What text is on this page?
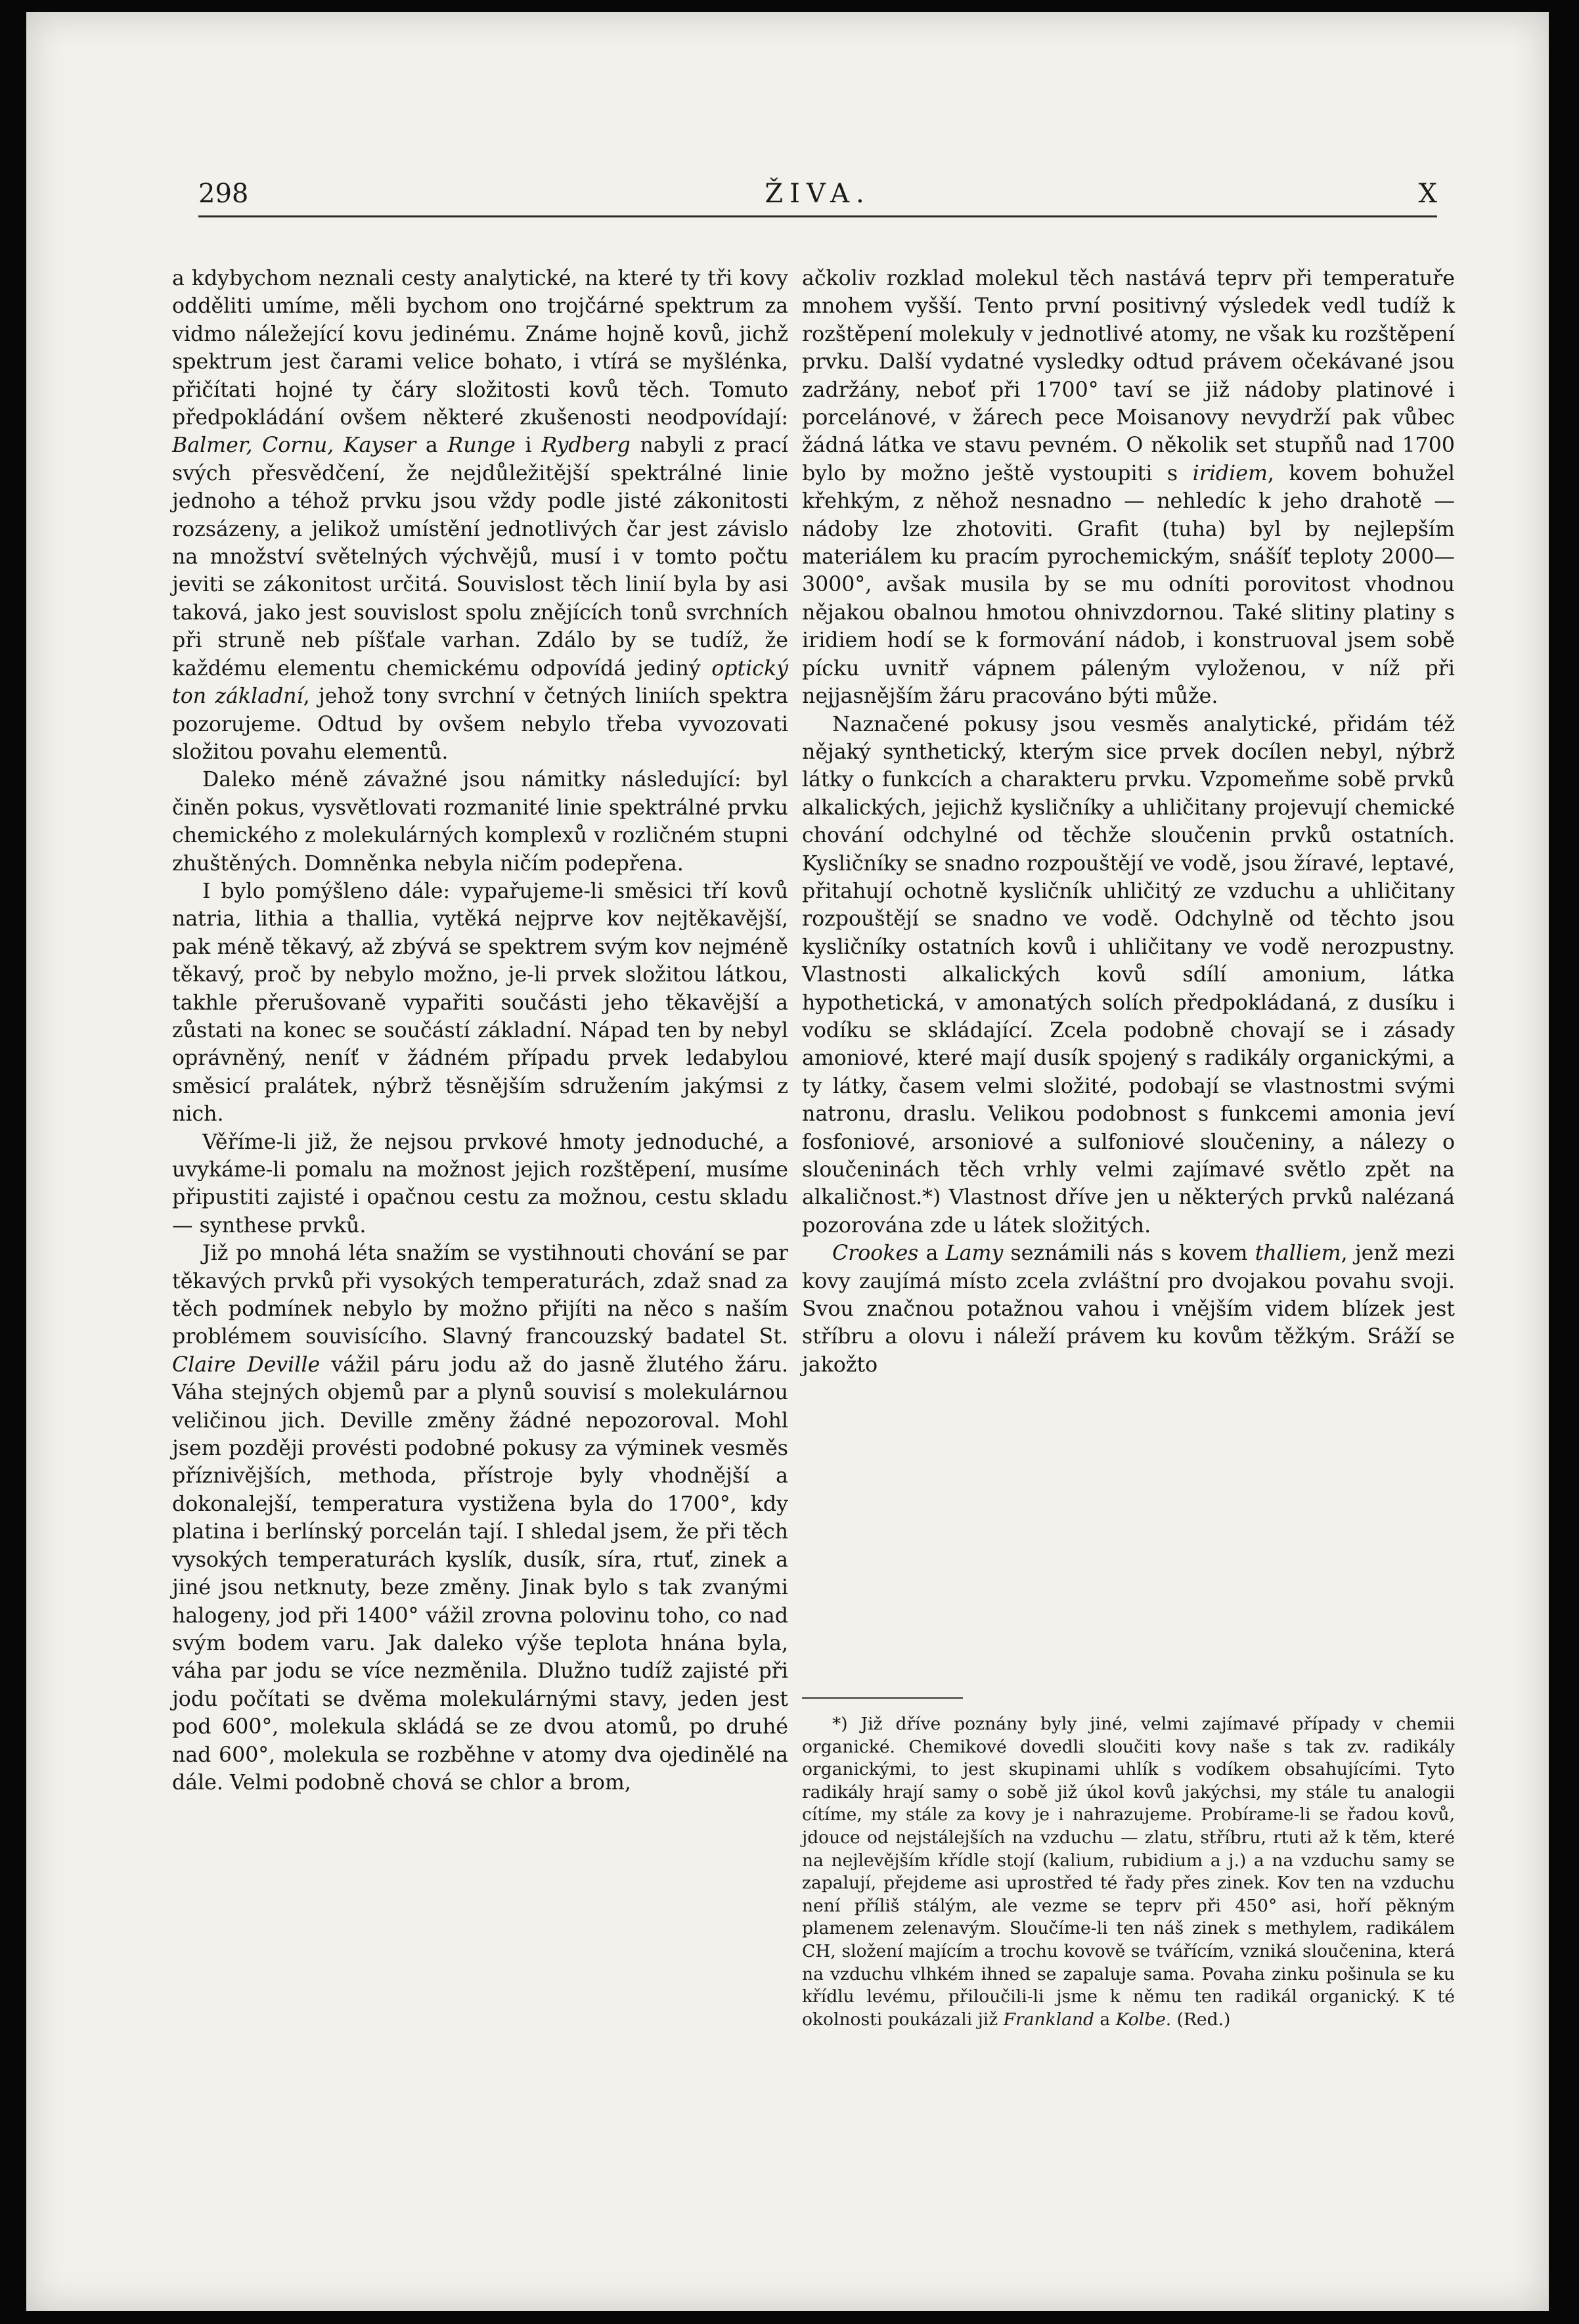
298	ŽIVA.	X

a kdybychom neznali cesty analytické, na které ty tři kovy odděliti umíme, měli bychom ono trojčárné spektrum za vidmo náležející kovu jedinému. Známe hojně kovů, jichž spektrum jest čarami velice bohato, i vtírá se myšlénka, přičítati hojné ty čáry složitosti kovů těch. Tomuto předpokládání ovšem některé zkušenosti neodpovídají: Balmer, Cornu, Kayser a Runge i Rydberg nabyli z prací svých přesvědčení, že nejdůležitější spektrálné linie jednoho a téhož prvku jsou vždy podle jisté zákonitosti rozsázeny, a jelikož umístění jednotlivých čar jest závislo na množství světelných výchvějů, musí i v tomto počtu jeviti se zákonitost určitá. Souvislost těch linií byla by asi taková, jako jest souvislost spolu znějících tonů svrchních při struně neb píšťale varhan. Zdálo by se tudíž, že každému elementu chemickému odpovídá jediný optický ton základní, jehož tony svrchní v četných liniích spektra pozorujeme. Odtud by ovšem nebylo třeba vyvozovati složitou povahu elementů.

Daleko méně závažné jsou námitky následující: byl činěn pokus, vysvětlovati rozmanité linie spektrálné prvku chemického z molekulárných komplexů v rozličném stupni zhuštěných. Domněnka nebyla ničím podepřena.

I bylo pomýšleno dále: vypařujeme-li směsici tří kovů natria, lithia a thallia, vytěká nejprve kov nejtěkavější, pak méně těkavý, až zbývá se spektrem svým kov nejméně těkavý, proč by nebylo možno, je-li prvek složitou látkou, takhle přerušovaně vypařiti součásti jeho těkavější a zůstati na konec se součástí základní. Nápad ten by nebyl oprávněný, neníť v žádném případu prvek ledabylou směsicí pralátek, nýbrž těsnějším sdružením jakýmsi z nich.

Věříme-li již, že nejsou prvkové hmoty jednoduché, a uvykáme-li pomalu na možnost jejich rozštěpení, musíme připustiti zajisté i opačnou cestu za možnou, cestu skladu — synthese prvků.

Již po mnohá léta snažím se vystihnouti chování se par těkavých prvků při vysokých temperaturách, zdaž snad za těch podmínek nebylo by možno přijíti na něco s naším problémem souvisícího. Slavný francouzský badatel St. Claire Deville vážil páru jodu až do jasně žlutého žáru. Váha stejných objemů par a plynů souvisí s molekulárnou veličinou jich. Deville změny žádné nepozoroval. Mohl jsem později provésti podobné pokusy za výminek vesměs příznivějších, methoda, přístroje byly vhodnější a dokonalejší, temperatura vystižena byla do 1700°, kdy platina i berlínský porcelán tají. I shledal jsem, že při těch vysokých temperaturách kyslík, dusík, síra, rtuť, zinek a jiné jsou netknuty, beze změny. Jinak bylo s tak zvanými halogeny, jod při 1400° vážil zrovna polovinu toho, co nad svým bodem varu. Jak daleko výše teplota hnána byla, váha par jodu se více nezměnila. Dlužno tudíž zajisté při jodu počítati se dvěma molekulárnými stavy, jeden jest pod 600°, molekula skládá se ze dvou atomů, po druhé nad 600°, molekula se rozběhne v atomy dva ojedinělé na dále. Velmi podobně chová se chlor a brom,

ačkoliv rozklad molekul těch nastává teprv při temperatuře mnohem vyšší. Tento první positivný výsledek vedl tudíž k rozštěpení molekuly v jednotlivé atomy, ne však ku rozštěpení prvku. Další vydatné vysledky odtud právem očekávané jsou zadržány, neboť při 1700° taví se již nádoby platinové i porcelánové, v žárech pece Moisanovy nevydrží pak vůbec žádná látka ve stavu pevném. O několik set stupňů nad 1700 bylo by možno ještě vystoupiti s iridiem, kovem bohužel křehkým, z něhož nesnadno — nehledíc k jeho drahotě — nádoby lze zhotoviti. Grafit (tuha) byl by nejlepším materiálem ku pracím pyrochemickým, snášíť teploty 2000—3000°, avšak musila by se mu odníti porovitost vhodnou nějakou obalnou hmotou ohnivzdornou. Také slitiny platiny s iridiem hodí se k formování nádob, i konstruoval jsem sobě pícku uvnitř vápnem páleným vyloženou, v níž při nejjasnějším žáru pracováno býti může.

Naznačené pokusy jsou vesměs analytické, přidám též nějaký synthetický, kterým sice prvek docílen nebyl, nýbrž látky o funkcích a charakteru prvku. Vzpomeňme sobě prvků alkalických, jejichž kysličníky a uhličitany projevují chemické chování odchylné od těchže sloučenin prvků ostatních. Kysličníky se snadno rozpouštějí ve vodě, jsou žíravé, leptavé, přitahují ochotně kysličník uhličitý ze vzduchu a uhličitany rozpouštějí se snadno ve vodě. Odchylně od těchto jsou kysličníky ostatních kovů i uhličitany ve vodě nerozpustny. Vlastnosti alkalických kovů sdílí amonium, látka hypothetická, v amonatých solích předpokládaná, z dusíku i vodíku se skládající. Zcela podobně chovají se i zásady amoniové, které mají dusík spojený s radikály organickými, a ty látky, časem velmi složité, podobají se vlastnostmi svými natronu, draslu. Velikou podobnost s funkcemi amonia jeví fosfoniové, arsoniové a sulfoniové sloučeniny, a nálezy o sloučeninách těch vrhly velmi zajímavé světlo zpět na alkaličnost.*) Vlastnost dříve jen u některých prvků nalézaná pozorována zde u látek složitých.

Crookes a Lamy seznámili nás s kovem thalliem, jenž mezi kovy zaujímá místo zcela zvláštní pro dvojakou povahu svoji. Svou značnou potažnou vahou i vnějším videm blízek jest stříbru a olovu i náleží právem ku kovům těžkým. Sráží se jakožto

*) Již dříve poznány byly jiné, velmi zajímavé případy v chemii organické. Chemikové dovedli sloučiti kovy naše s tak zv. radikály organickými, to jest skupinami uhlík s vodíkem obsahujícími. Tyto radikály hrají samy o sobě již úkol kovů jakýchsi, my stále tu analogii cítíme, my stále za kovy je i nahrazujeme. Probírame-li se řadou kovů, jdouce od nejstálejších na vzduchu — zlatu, stříbru, rtuti až k těm, které na nejlevějším křídle stojí (kalium, rubidium a j.) a na vzduchu samy se zapalují, přejdeme asi uprostřed té řady přes zinek. Kov ten na vzduchu není příliš stálým, ale vezme se teprv při 450° asi, hoří pěkným plamenem zelenavým. Sloučíme-li ten náš zinek s methylem, radikálem CH, složení majícím a trochu kovově se tvářícím, vzniká sloučenina, která na vzduchu vlhkém ihned se zapaluje sama. Povaha zinku pošinula se ku křídlu levému, přiloučili-li jsme k němu ten radikál organický. K té okolnosti poukázali již Frankland a Kolbe. (Red.)
